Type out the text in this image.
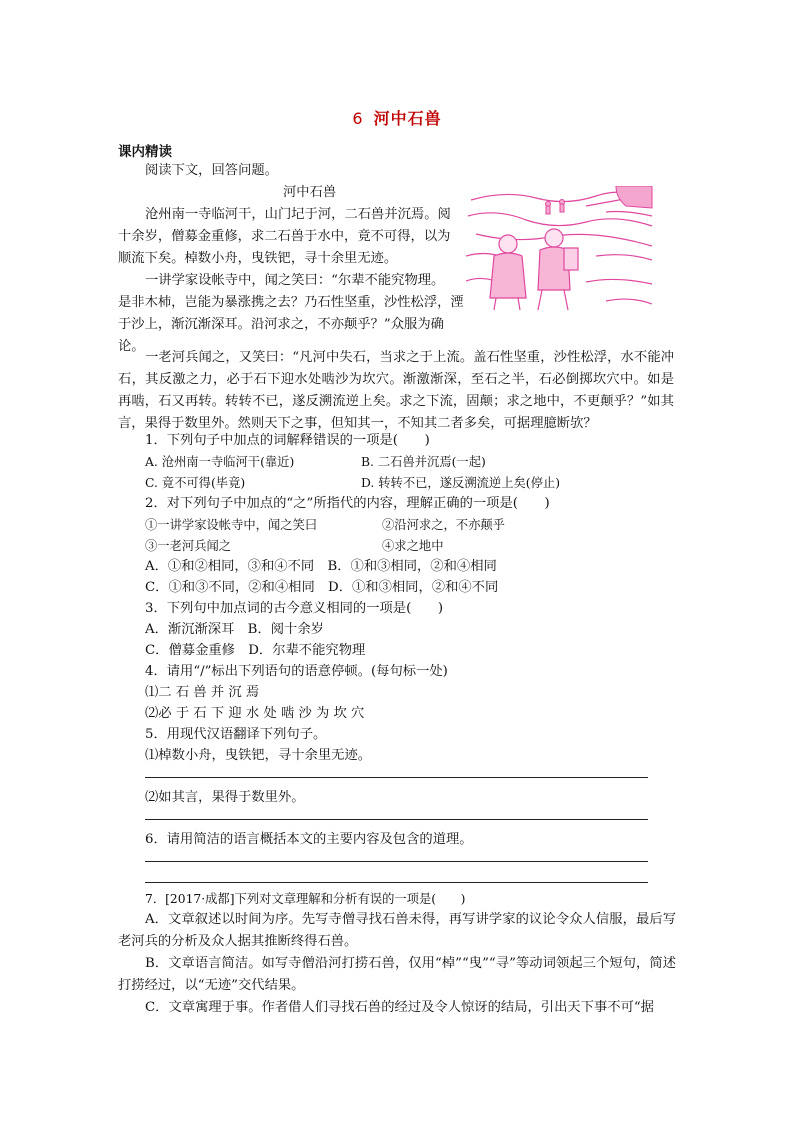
6 河中石兽
课内精读
阅读下文，回答问题。
河中石兽
沧州南一寺临河干，山门圮于河，二石兽并沉焉。阅
十余岁，僧募金重修，求二石兽于水中，竟不可得，以为
顺流下矣。棹数小舟，曳铁钯，寻十余里无迹。
一讲学家设帐寺中，闻之笑曰：“尔辈不能究物理。
是非木杮，岂能为暴涨携之去？乃石性坚重，沙性松浮，湮
于沙上，渐沉渐深耳。沿河求之，不亦颠乎？”众服为确
论。
一老河兵闻之，又笑曰：“凡河中失石，当求之于上流。盖石性坚重，沙性松浮，水不能冲石，其反激之力，必于石下迎水处啮沙为坎穴。渐激渐深，至石之半，石必倒掷坎穴中。如是再啮，石又再转。转转不已，遂反溯流逆上矣。求之下流，固颠；求之地中，不更颠乎？”如其言，果得于数里外。然则天下之事，但知其一，不知其二者多矣，可据理臆断欤？
1．下列句子中加点的词解释错误的一项是(　　)
A. 沧州南一寺临河干(靠近)	B. 二石兽并沉焉(一起)
C. 竟不可得(毕竟)	D. 转转不已，遂反溯流逆上矣(停止)
2．对下列句子中加点的“之”所指代的内容，理解正确的一项是(　　)
①一讲学家设帐寺中，闻之笑曰	②沿河求之，不亦颠乎
③一老河兵闻之	④求之地中
A．①和②相同，③和④不同　B．①和③相同，②和④相同
C．①和③不同，②和④相同　D．①和③相同，②和④不同
3．下列句中加点词的古今意义相同的一项是(　　)
A．渐沉渐深耳　B．阅十余岁
C．僧募金重修　D．尔辈不能究物理
4．请用“/”标出下列语句的语意停顿。(每句标一处)
⑴二 石 兽 并 沉 焉
⑵必 于 石 下 迎 水 处 啮 沙 为 坎 穴
5．用现代汉语翻译下列句子。
⑴棹数小舟，曳铁钯，寻十余里无迹。
⑵如其言，果得于数里外。
6．请用简洁的语言概括本文的主要内容及包含的道理。
7．[2017·成都]下列对文章理解和分析有误的一项是(　　)
A．文章叙述以时间为序。先写寺僧寻找石兽未得，再写讲学家的议论令众人信服，最后写老河兵的分析及众人据其推断终得石兽。
B．文章语言简洁。如写寺僧沿河打捞石兽，仅用“棹”“曳”“寻”等动词领起三个短句，简述打捞经过，以“无迹”交代结果。
C．文章寓理于事。作者借人们寻找石兽的经过及令人惊讶的结局，引出天下事不可“据
